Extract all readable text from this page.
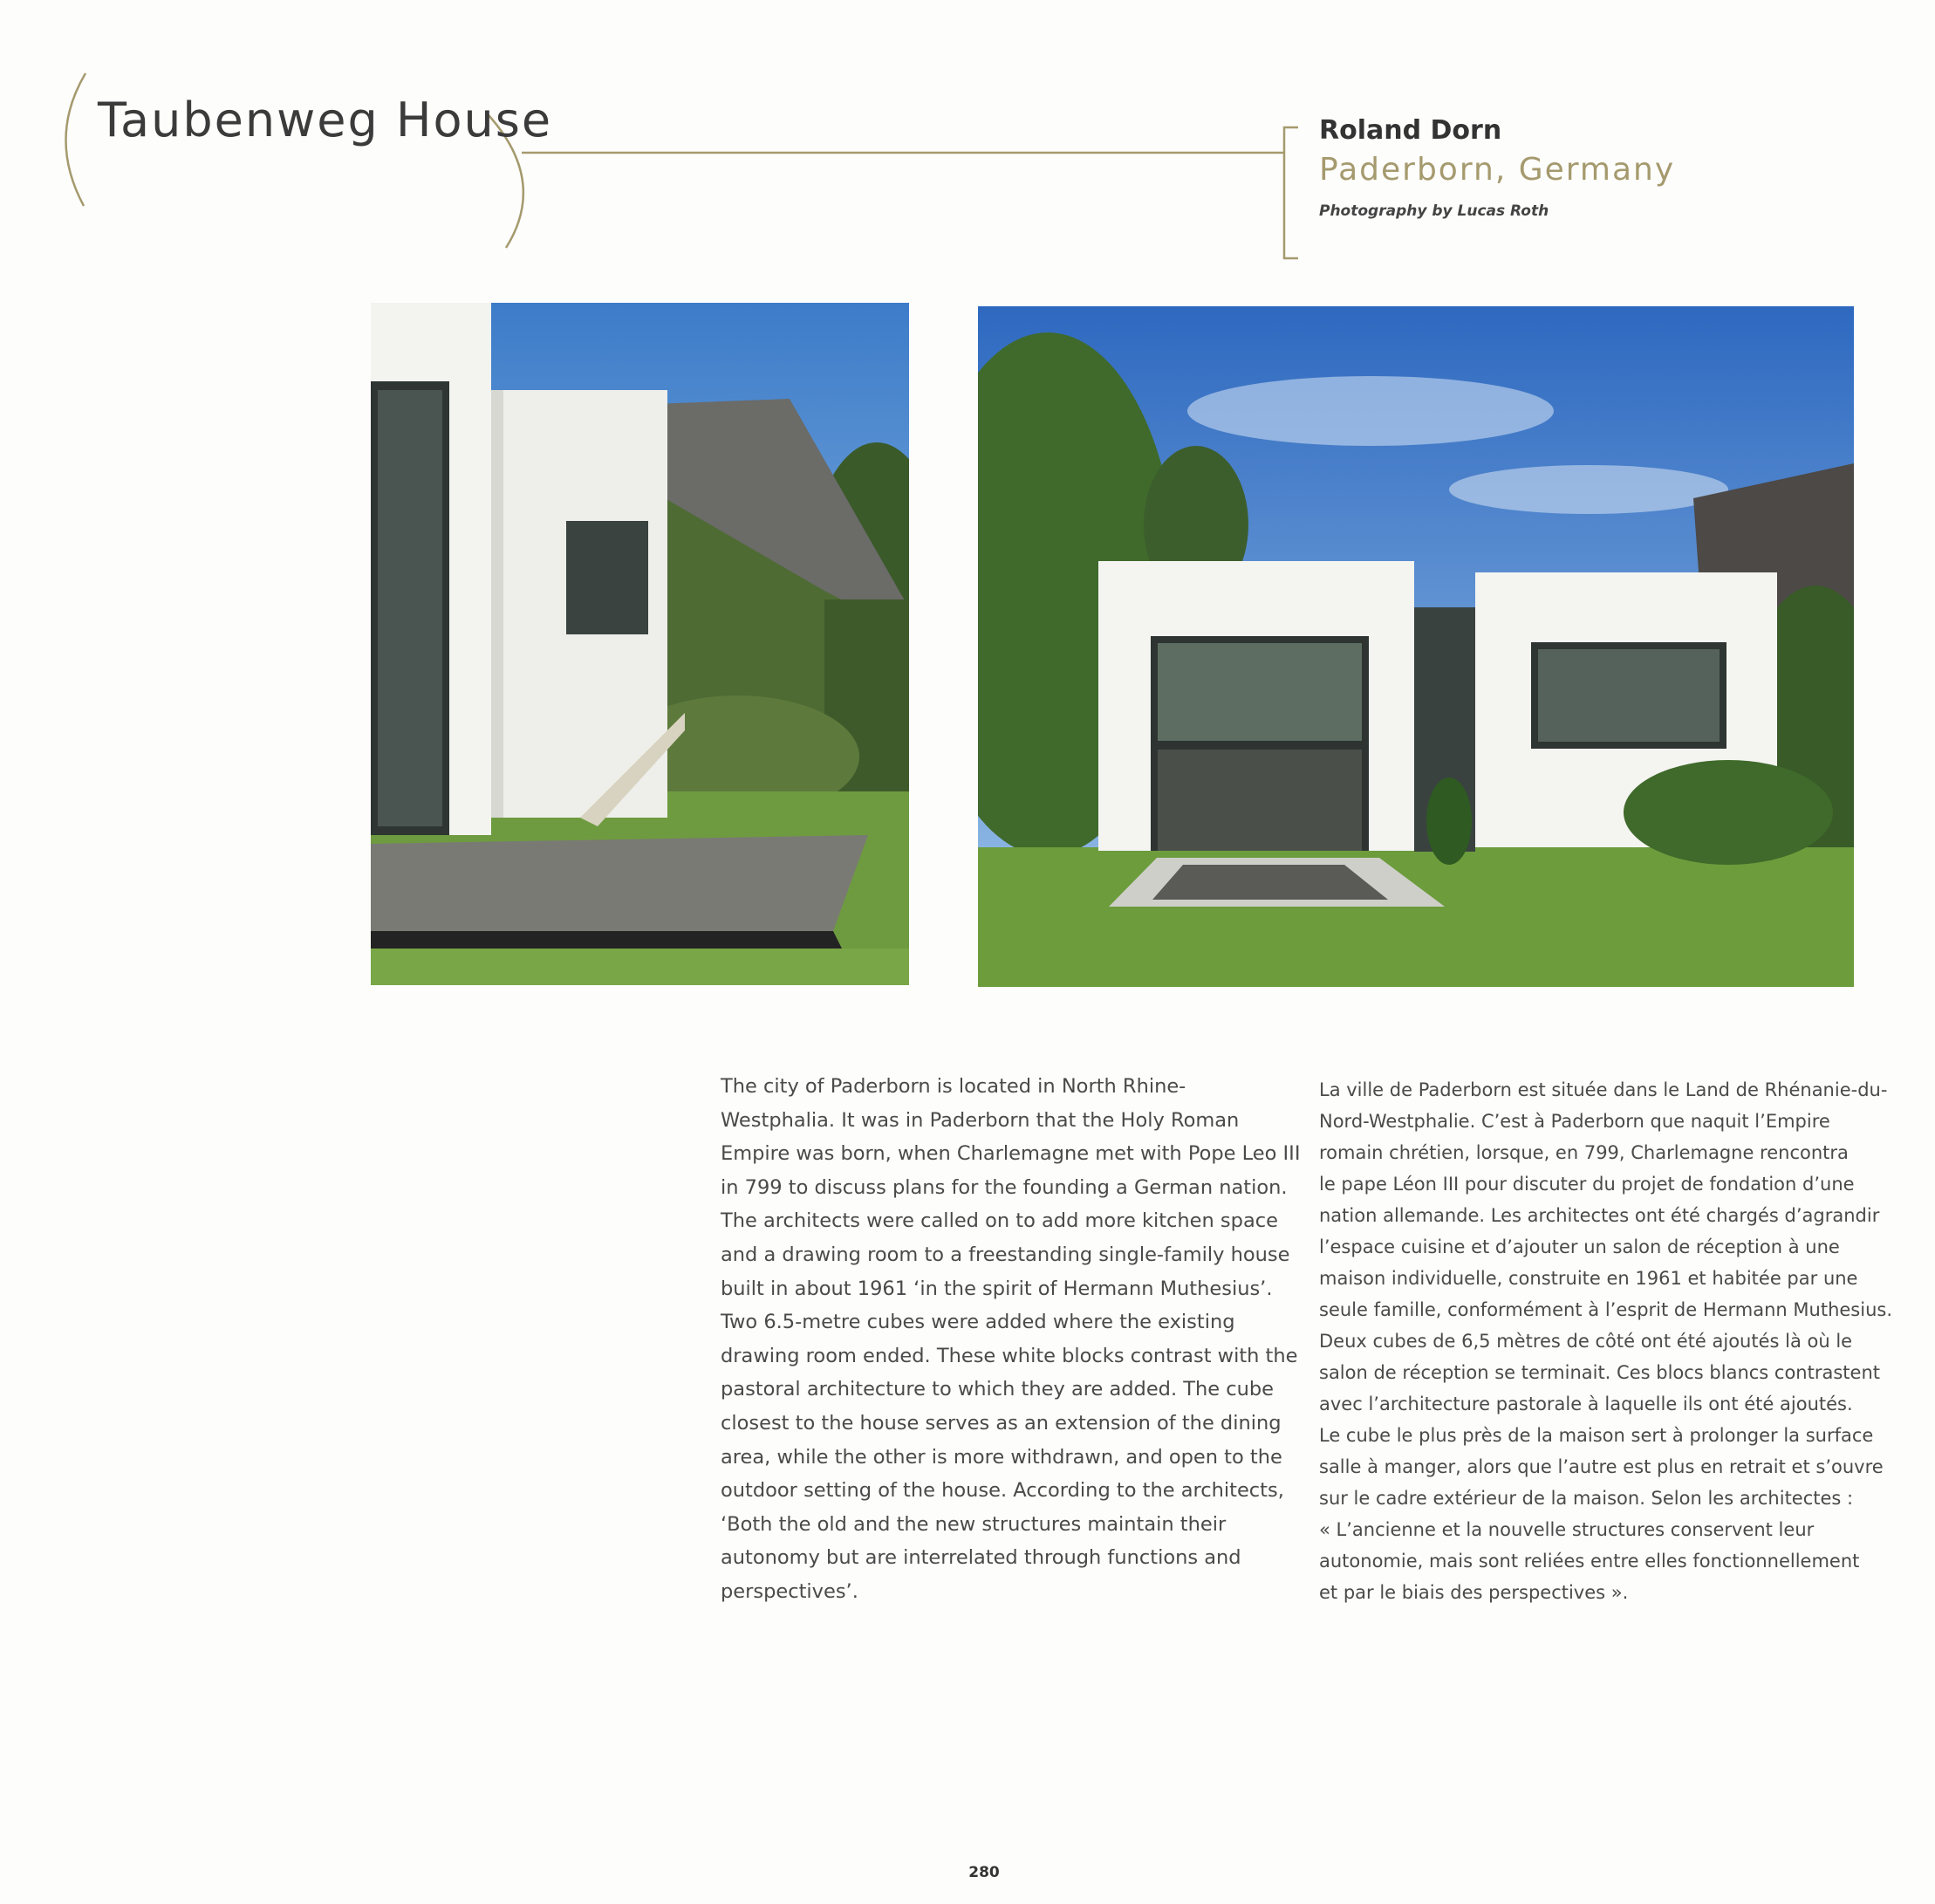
Taubenweg House	Roland Dorn
Paderborn, Germany
Photography by Lucas Roth
The city of Paderborn is located in North Rhine-
Westphalia. It was in Paderborn that the Holy Roman
Empire was born, when Charlemagne met with Pope Leo III
in 799 to discuss plans for the founding a German nation.
The architects were called on to add more kitchen space
and a drawing room to a freestanding single-family house
built in about 1961 ‘in the spirit of Hermann Muthesius’.
Two 6.5-metre cubes were added where the existing
drawing room ended. These white blocks contrast with the
pastoral architecture to which they are added. The cube
closest to the house serves as an extension of the dining
area, while the other is more withdrawn, and open to the
outdoor setting of the house. According to the architects,
‘Both the old and the new structures maintain their
autonomy but are interrelated through functions and
perspectives’.
La ville de Paderborn est située dans le Land de Rhénanie-du-
Nord-Westphalie. C’est à Paderborn que naquit l’Empire
romain chrétien, lorsque, en 799, Charlemagne rencontra
le pape Léon III pour discuter du projet de fondation d’une
nation allemande. Les architectes ont été chargés d’agrandir
l’espace cuisine et d’ajouter un salon de réception à une
maison individuelle, construite en 1961 et habitée par une
seule famille, conformément à l’esprit de Hermann Muthesius.
Deux cubes de 6,5 mètres de côté ont été ajoutés là où le
salon de réception se terminait. Ces blocs blancs contrastent
avec l’architecture pastorale à laquelle ils ont été ajoutés.
Le cube le plus près de la maison sert à prolonger la surface
salle à manger, alors que l’autre est plus en retrait et s’ouvre
sur le cadre extérieur de la maison. Selon les architectes :
« L’ancienne et la nouvelle structures conservent leur
autonomie, mais sont reliées entre elles fonctionnellement
et par le biais des perspectives ».
280
